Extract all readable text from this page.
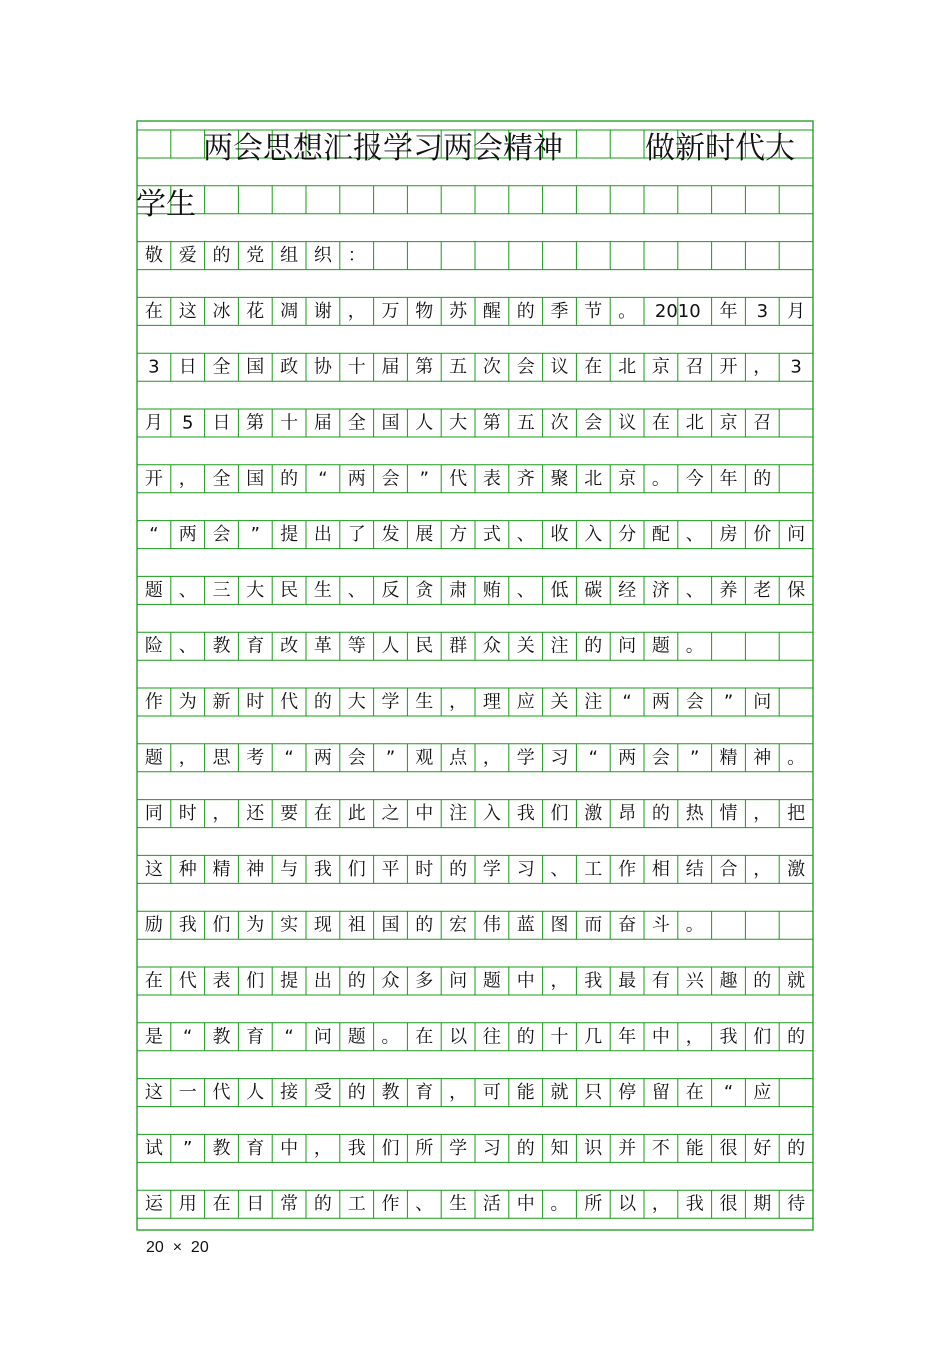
两会思想汇报学习两会精神	做新时代大
学生
敬 爱 的 党 组 织 ：
在 这 冰 花 凋 谢 ， 万 物 苏 醒 的 季 节 。 2010 年 3 月
3 日 全 国 政 协 十 届 第 五 次 会 议 在 北 京 召 开 ， 3
月 5 日 第 十 届 全 国 人 大 第 五 次 会 议 在 北 京 召
开 ， 全 国 的 “ 两 会 ” 代 表 齐 聚 北 京 。 今 年 的
“ 两 会 ” 提 出 了 发 展 方 式 、 收 入 分 配 、 房 价 问
题 、 三 大 民 生 、 反 贪 肃 贿 、 低 碳 经 济 、 养 老 保
险 、 教 育 改 革 等 人 民 群 众 关 注 的 问 题 。
作 为 新 时 代 的 大 学 生 ， 理 应 关 注 “ 两 会 ” 问
题 ， 思 考 “ 两 会 ” 观 点 ， 学 习 “ 两 会 ” 精 神 。
同 时 ， 还 要 在 此 之 中 注 入 我 们 激 昂 的 热 情 ， 把
这 种 精 神 与 我 们 平 时 的 学 习 、 工 作 相 结 合 ， 激
励 我 们 为 实 现 祖 国 的 宏 伟 蓝 图 而 奋 斗 。
在 代 表 们 提 出 的 众 多 问 题 中 ， 我 最 有 兴 趣 的 就
是 “ 教 育 “ 问 题 。 在 以 往 的 十 几 年 中 ， 我 们 的
这 一 代 人 接 受 的 教 育 ， 可 能 就 只 停 留 在 “ 应
试 ” 教 育 中 ， 我 们 所 学 习 的 知 识 并 不 能 很 好 的
运 用 在 日 常 的 工 作 、 生 活 中 。 所 以 ， 我 很 期 待
20  ×  20
